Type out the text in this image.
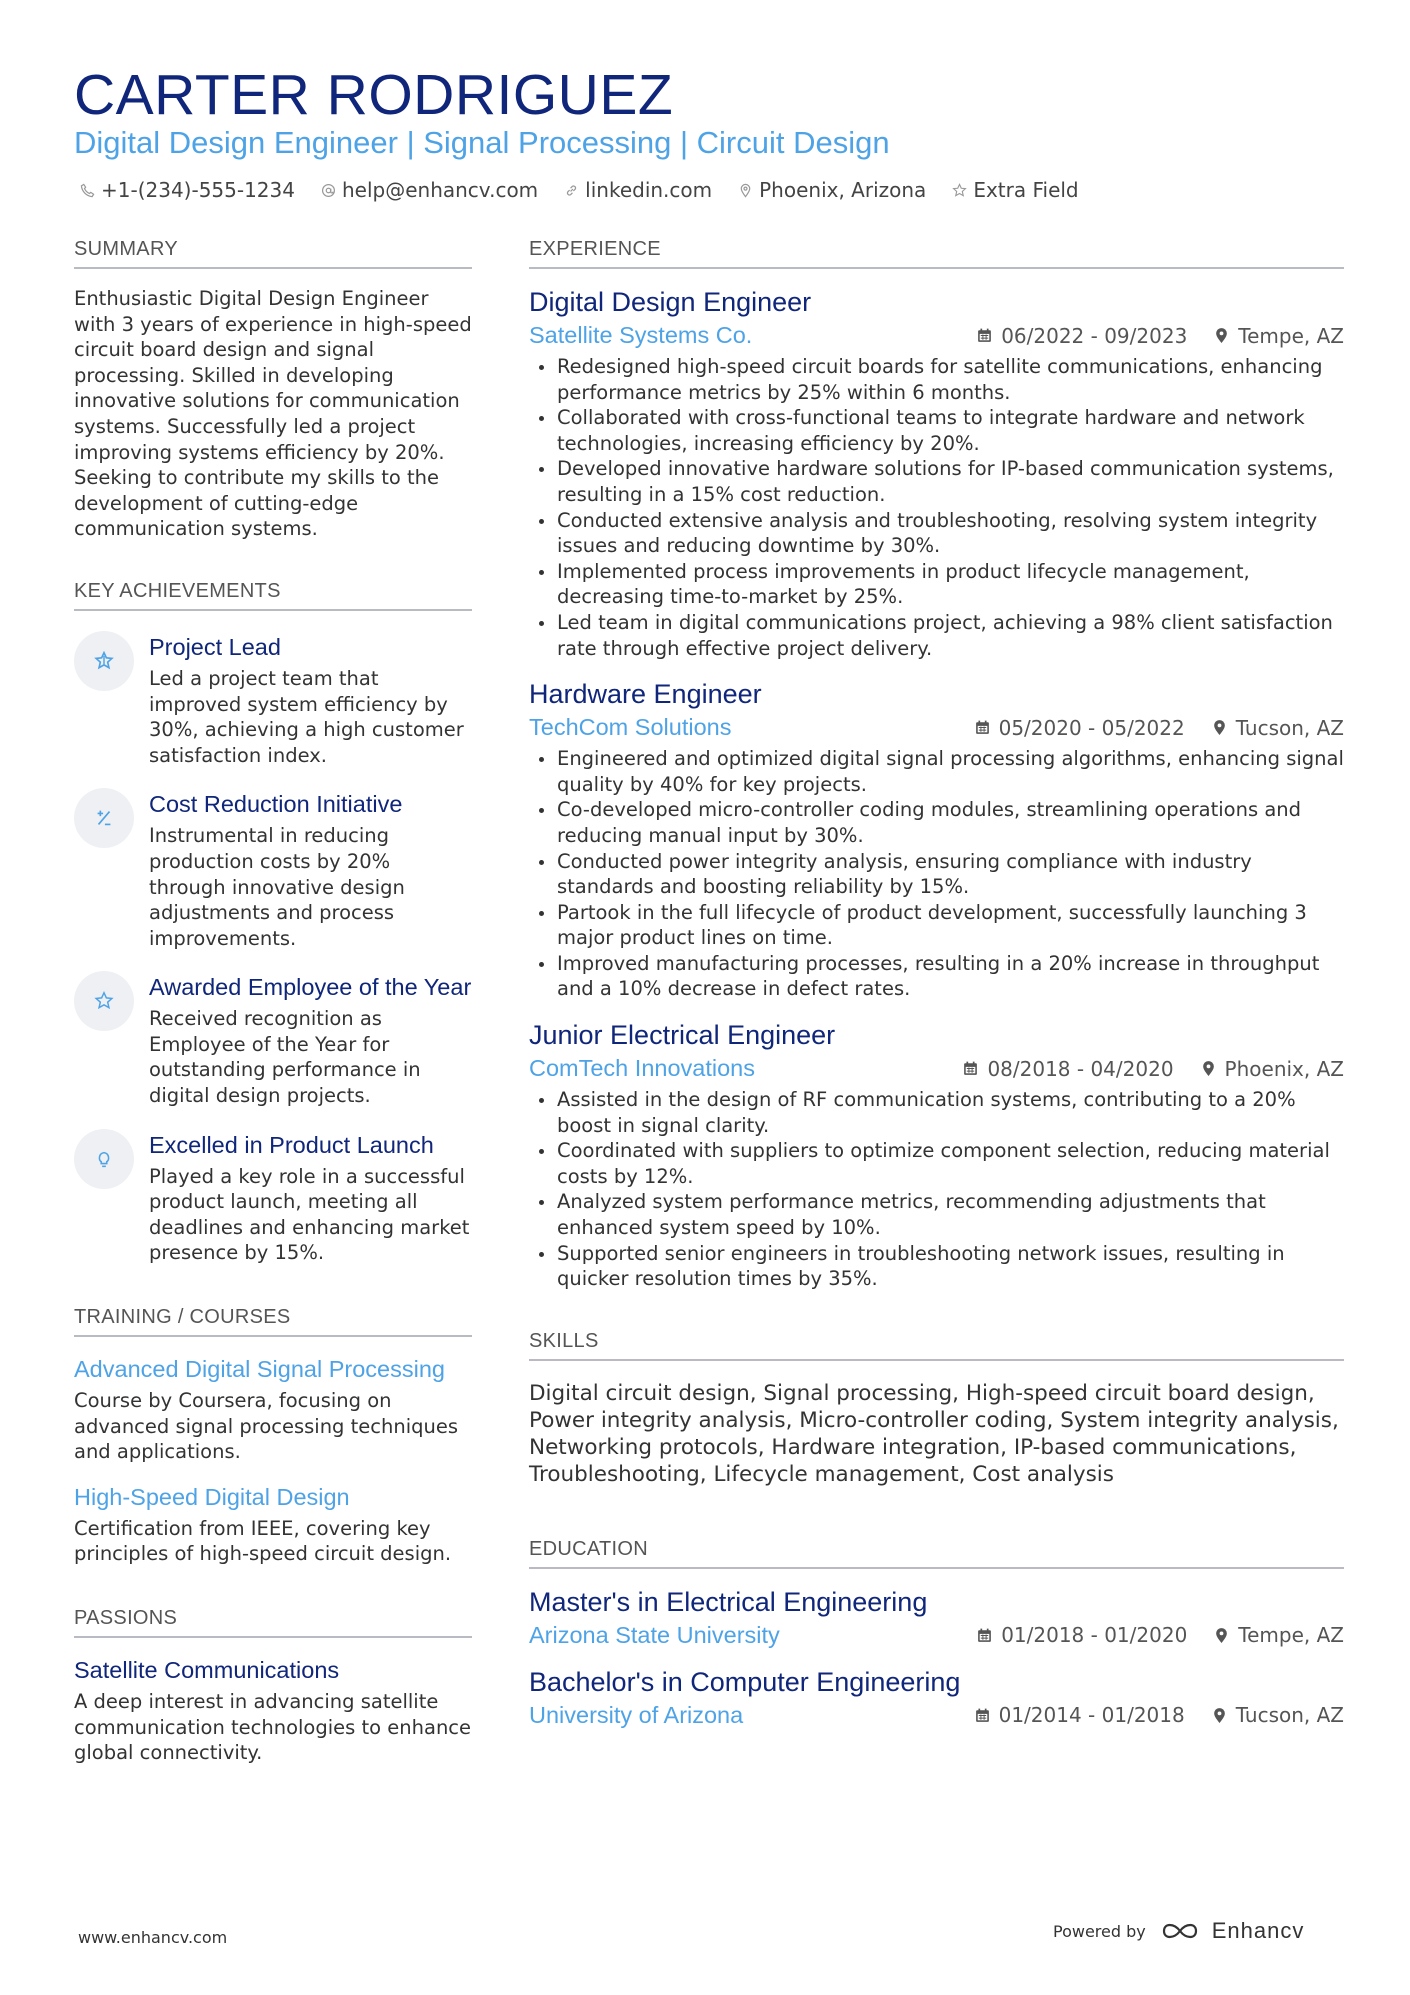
CARTER RODRIGUEZ
Digital Design Engineer | Signal Processing | Circuit Design
+1-(234)-555-1234 help@enhancv.com linkedin.com Phoenix, Arizona Extra Field
SUMMARY
Enthusiastic Digital Design Engineer with 3 years of experience in high-speed circuit board design and signal processing. Skilled in developing innovative solutions for communication systems. Successfully led a project improving systems efficiency by 20%. Seeking to contribute my skills to the development of cutting-edge communication systems.
KEY ACHIEVEMENTS
Project Lead
Led a project team that improved system efficiency by 30%, achieving a high customer satisfaction index.
Cost Reduction Initiative
Instrumental in reducing production costs by 20% through innovative design adjustments and process improvements.
Awarded Employee of the Year
Received recognition as Employee of the Year for outstanding performance in digital design projects.
Excelled in Product Launch
Played a key role in a successful product launch, meeting all deadlines and enhancing market presence by 15%.
TRAINING / COURSES
Advanced Digital Signal Processing
Course by Coursera, focusing on advanced signal processing techniques and applications.
High-Speed Digital Design
Certification from IEEE, covering key principles of high-speed circuit design.
PASSIONS
Satellite Communications
A deep interest in advancing satellite communication technologies to enhance global connectivity.
EXPERIENCE
Digital Design Engineer
Satellite Systems Co.	06/2022 - 09/2023	Tempe, AZ
Redesigned high-speed circuit boards for satellite communications, enhancing performance metrics by 25% within 6 months.
Collaborated with cross-functional teams to integrate hardware and network technologies, increasing efficiency by 20%.
Developed innovative hardware solutions for IP-based communication systems, resulting in a 15% cost reduction.
Conducted extensive analysis and troubleshooting, resolving system integrity issues and reducing downtime by 30%.
Implemented process improvements in product lifecycle management, decreasing time-to-market by 25%.
Led team in digital communications project, achieving a 98% client satisfaction rate through effective project delivery.
Hardware Engineer
TechCom Solutions	05/2020 - 05/2022	Tucson, AZ
Engineered and optimized digital signal processing algorithms, enhancing signal quality by 40% for key projects.
Co-developed micro-controller coding modules, streamlining operations and reducing manual input by 30%.
Conducted power integrity analysis, ensuring compliance with industry standards and boosting reliability by 15%.
Partook in the full lifecycle of product development, successfully launching 3 major product lines on time.
Improved manufacturing processes, resulting in a 20% increase in throughput and a 10% decrease in defect rates.
Junior Electrical Engineer
ComTech Innovations	08/2018 - 04/2020	Phoenix, AZ
Assisted in the design of RF communication systems, contributing to a 20% boost in signal clarity.
Coordinated with suppliers to optimize component selection, reducing material costs by 12%.
Analyzed system performance metrics, recommending adjustments that enhanced system speed by 10%.
Supported senior engineers in troubleshooting network issues, resulting in quicker resolution times by 35%.
SKILLS
Digital circuit design, Signal processing, High-speed circuit board design, Power integrity analysis, Micro-controller coding, System integrity analysis, Networking protocols, Hardware integration, IP-based communications, Troubleshooting, Lifecycle management, Cost analysis
EDUCATION
Master's in Electrical Engineering
Arizona State University	01/2018 - 01/2020	Tempe, AZ
Bachelor's in Computer Engineering
University of Arizona	01/2014 - 01/2018	Tucson, AZ
www.enhancv.com	Powered by	Enhancv
